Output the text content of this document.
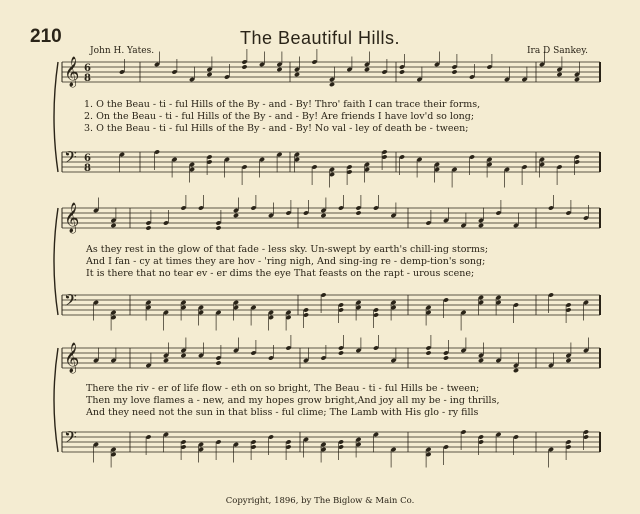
210	The Beautiful Hills.
John H. Yates.	Ira D Sankey.
𝄞 6
8
𝄢 6
8
𝄞
𝄢
𝄞
𝄢
1. O the Beau - ti - ful Hills of the By - and - By! Thro' faith I can trace their forms,
2. On the Beau - ti - ful Hills of the By - and - By! Are friends I have lov'd so long;
3. O the Beau - ti - ful Hills of the By - and - By! No val - ley of death be - tween;
As they rest in the glow of that fade - less sky. Un-swept by earth's chill-ing storms;
And I fan - cy at times they are hov - 'ring nigh, And sing-ing re - demp-tion's song;
It is there that no tear ev - er dims the eye That feasts on the rapt - urous scene;
There the riv - er of life flow - eth on so bright, The Beau - ti - ful Hills be - tween;
Then my love flames a - new, and my hopes grow bright,And joy all my be - ing thrills,
And they need not the sun in that bliss - ful clime; The Lamb with His glo - ry fills
Copyright, 1896, by The Biglow & Main Co.
